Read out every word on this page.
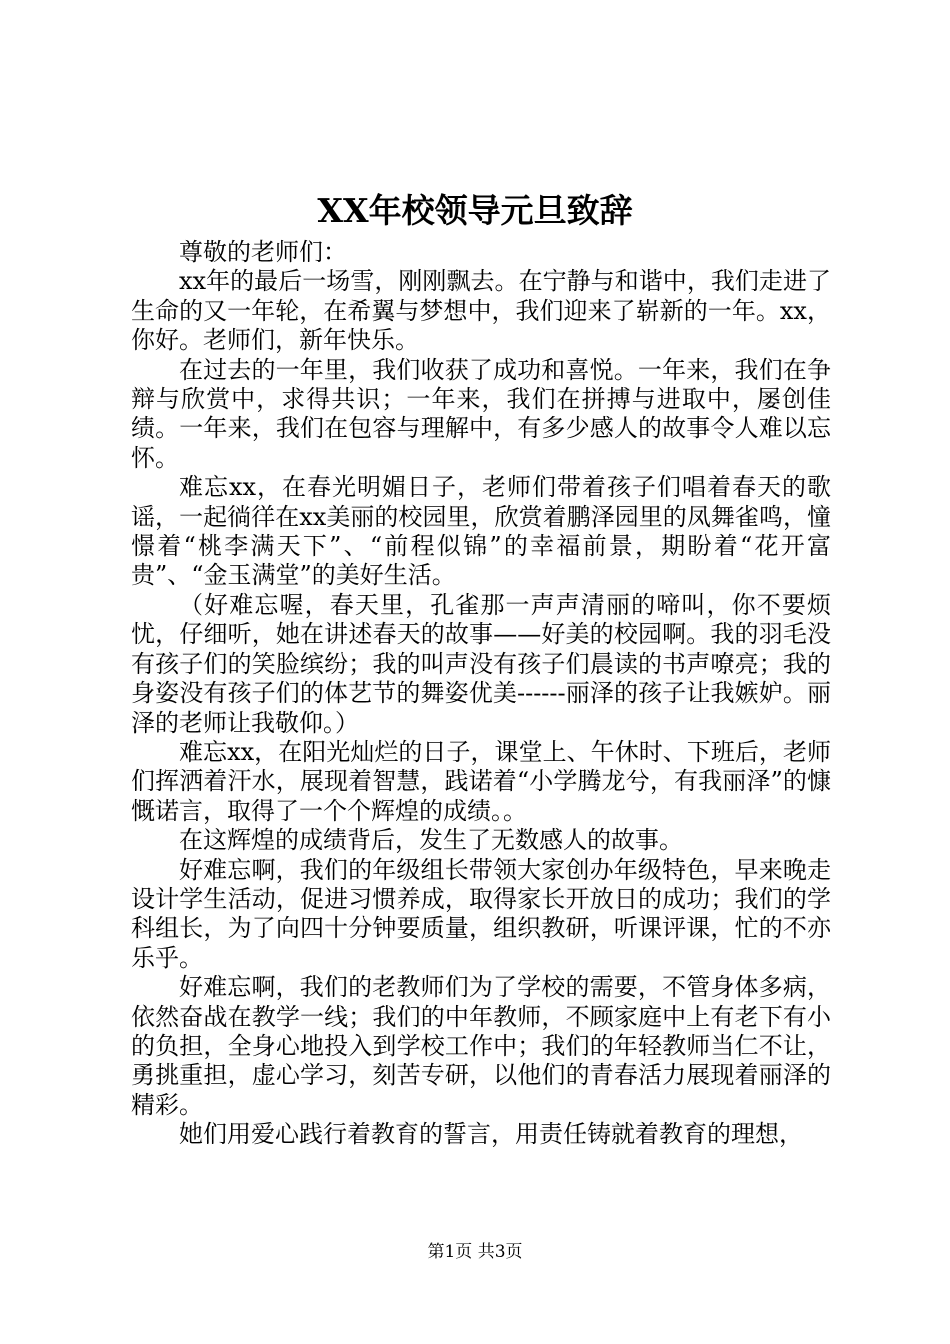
XX年校领导元旦致辞

尊敬的老师们：

xx年的最后一场雪，刚刚飘去。在宁静与和谐中，我们走进了生命的又一年轮，在希翼与梦想中，我们迎来了崭新的一年。xx，你好。老师们，新年快乐。

在过去的一年里，我们收获了成功和喜悦。一年来，我们在争辩与欣赏中，求得共识；一年来，我们在拼搏与进取中，屡创佳绩。一年来，我们在包容与理解中，有多少感人的故事令人难以忘怀。

难忘xx，在春光明媚日子，老师们带着孩子们唱着春天的歌谣，一起徜徉在xx美丽的校园里，欣赏着鹏泽园里的凤舞雀鸣，憧憬着“桃李满天下”、“前程似锦”的幸福前景，期盼着“花开富贵”、“金玉满堂”的美好生活。

（好难忘喔，春天里，孔雀那一声声清丽的啼叫，你不要烦忧，仔细听，她在讲述春天的故事——好美的校园啊。我的羽毛没有孩子们的笑脸缤纷；我的叫声没有孩子们晨读的书声嘹亮；我的身姿没有孩子们的体艺节的舞姿优美------丽泽的孩子让我嫉妒。丽泽的老师让我敬仰。）

难忘xx，在阳光灿烂的日子，课堂上、午休时、下班后，老师们挥洒着汗水，展现着智慧，践诺着“小学腾龙兮，有我丽泽”的慷慨诺言，取得了一个个辉煌的成绩。。

在这辉煌的成绩背后，发生了无数感人的故事。

好难忘啊，我们的年级组长带领大家创办年级特色，早来晚走设计学生活动，促进习惯养成，取得家长开放日的成功；我们的学科组长，为了向四十分钟要质量，组织教研，听课评课，忙的不亦乐乎。

好难忘啊，我们的老教师们为了学校的需要，不管身体多病，依然奋战在教学一线；我们的中年教师，不顾家庭中上有老下有小的负担，全身心地投入到学校工作中；我们的年轻教师当仁不让，勇挑重担，虚心学习，刻苦专研，以他们的青春活力展现着丽泽的精彩。

她们用爱心践行着教育的誓言，用责任铸就着教育的理想，

第1页 共3页
